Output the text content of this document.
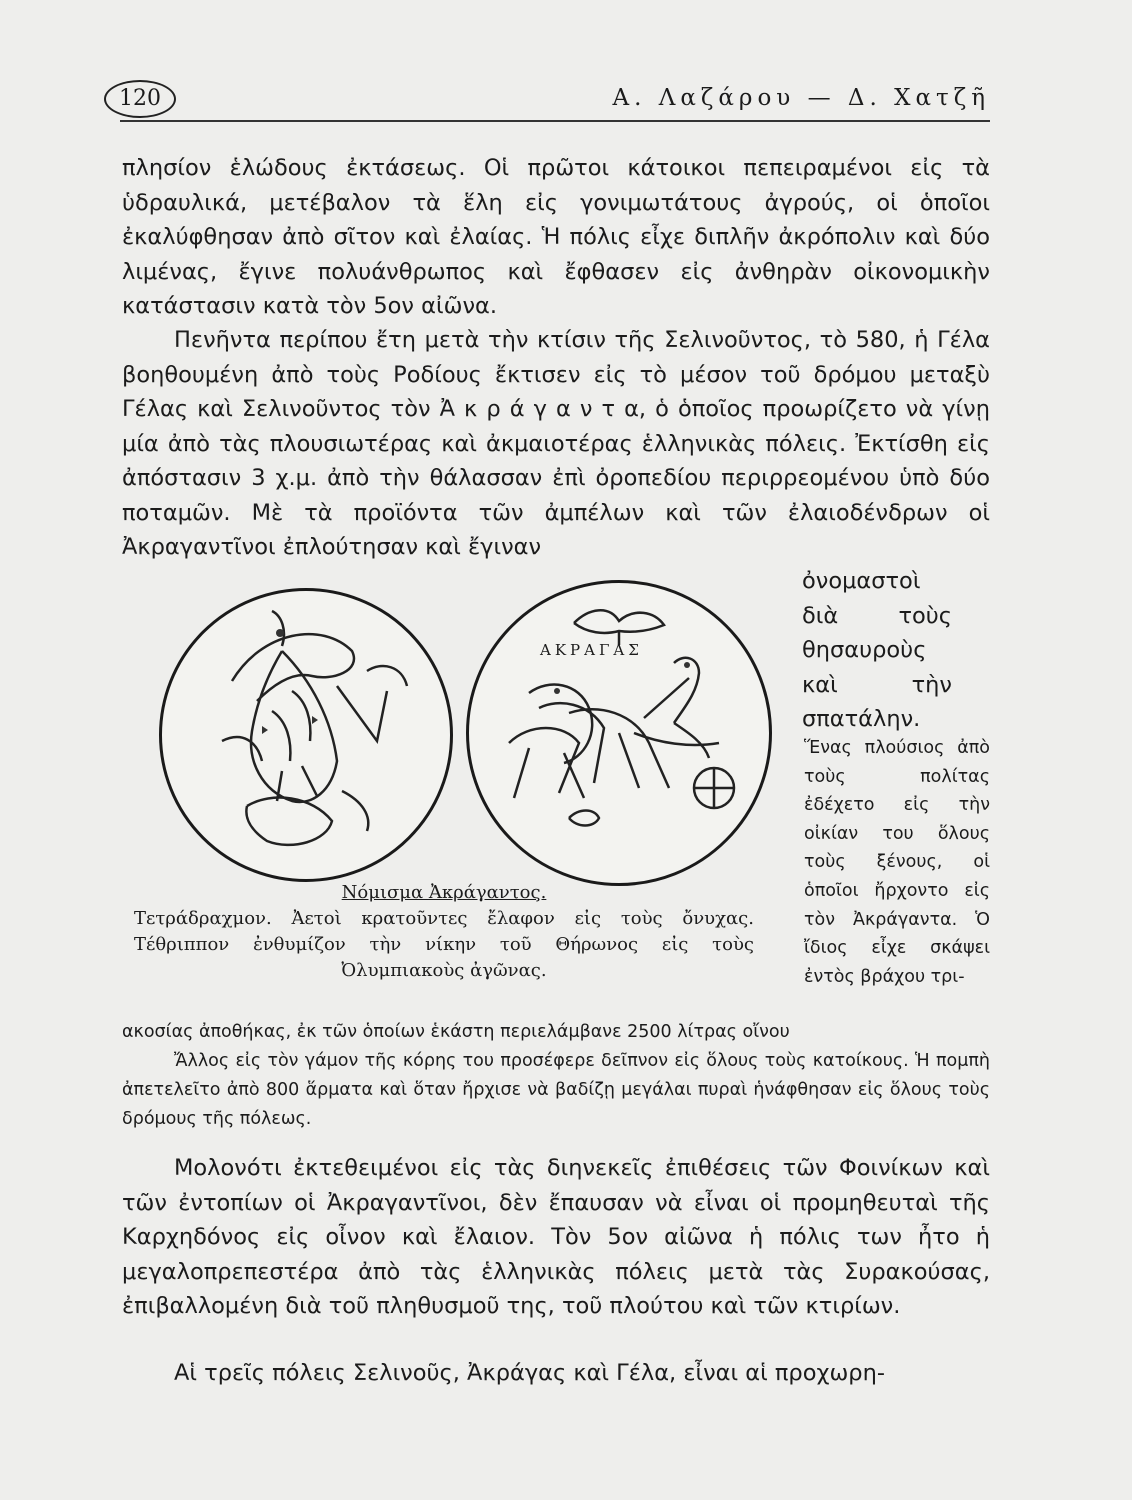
120	Α. Λαζάρου — Δ. Χατζῆ

πλησίον ἑλώδους ἐκτάσεως. Οἱ πρῶτοι κάτοικοι πεπειραμένοι εἰς τὰ ὑδραυλικά, μετέβαλον τὰ ἕλη εἰς γονιμωτάτους ἀγρούς, οἱ ὁποῖοι ἐκαλύφθησαν ἀπὸ σῖτον καὶ ἐλαίας. Ἡ πόλις εἶχε διπλῆν ἀκρόπολιν καὶ δύο λιμένας, ἔγινε πολυάνθρωπος καὶ ἔφθασεν εἰς ἀνθηρὰν οἰκονομικὴν κατάστασιν κατὰ τὸν 5ον αἰῶνα.

Πενῆντα περίπου ἔτη μετὰ τὴν κτίσιν τῆς Σελινοῦντος, τὸ 580, ἡ Γέλα βοηθουμένη ἀπὸ τοὺς Ροδίους ἔκτισεν εἰς τὸ μέσον τοῦ δρόμου μεταξὺ Γέλας καὶ Σελινοῦντος τὸν Ἀ κ ρ ά γ α ν τ α, ὁ ὁποῖος προωρίζετο νὰ γίνῃ μία ἀπὸ τὰς πλουσιωτέρας καὶ ἀκμαιοτέρας ἑλληνικὰς πόλεις. Ἐκτίσθη εἰς ἀπόστασιν 3 χ.μ. ἀπὸ τὴν θάλασσαν ἐπὶ ὀροπεδίου περιρρεομένου ὑπὸ δύο ποταμῶν. Μὲ τὰ προϊόντα τῶν ἀμπέλων καὶ τῶν ἐλαιοδένδρων οἱ Ἀκραγαντῖνοι ἐπλούτησαν καὶ ἔγιναν

ὀνομαστοὶ διὰ τοὺς θησαυροὺς καὶ τὴν σπατάλην.

ΑΚΡΑΓΑΣ
Νόμισμα Ἀκράγαντος.
Τετράδραχμον. Ἀετοὶ κρατοῦντες ἔλαφον εἰς τοὺς ὄνυχας. Τέθριππον ἐνθυμίζον τὴν νίκην τοῦ Θήρωνος εἰς τοὺς Ὀλυμπιακοὺς ἀγῶνας.

Ἕνας πλούσιος ἀπὸ τοὺς πολίτας ἐδέχετο εἰς τὴν οἰκίαν του ὅλους τοὺς ξένους, οἱ ὁποῖοι ἤρχοντο εἰς τὸν Ἀκράγαντα. Ὁ ἴδιος εἶχε σκάψει ἐντὸς βράχου τρι-

ακοσίας ἀποθήκας, ἐκ τῶν ὁποίων ἑκάστη περιελάμβανε 2500 λίτρας οἴνου

Ἄλλος εἰς τὸν γάμον τῆς κόρης του προσέφερε δεῖπνον εἰς ὅλους τοὺς κατοίκους. Ἡ πομπὴ ἀπετελεῖτο ἀπὸ 800 ἅρματα καὶ ὅταν ἤρχισε νὰ βαδίζῃ μεγάλαι πυραὶ ἡνάφθησαν εἰς ὅλους τοὺς δρόμους τῆς πόλεως.

Μολονότι ἐκτεθειμένοι εἰς τὰς διηνεκεῖς ἐπιθέσεις τῶν Φοινίκων καὶ τῶν ἐντοπίων οἱ Ἀκραγαντῖνοι, δὲν ἔπαυσαν νὰ εἶναι οἱ προμηθευταὶ τῆς Καρχηδόνος εἰς οἶνον καὶ ἔλαιον. Τὸν 5ον αἰῶνα ἡ πόλις των ἦτο ἡ μεγαλοπρεπεστέρα ἀπὸ τὰς ἑλληνικὰς πόλεις μετὰ τὰς Συρακούσας, ἐπιβαλλομένη διὰ τοῦ πληθυσμοῦ της, τοῦ πλούτου καὶ τῶν κτιρίων.

Αἱ τρεῖς πόλεις Σελινοῦς, Ἀκράγας καὶ Γέλα, εἶναι αἱ προχωρη-
